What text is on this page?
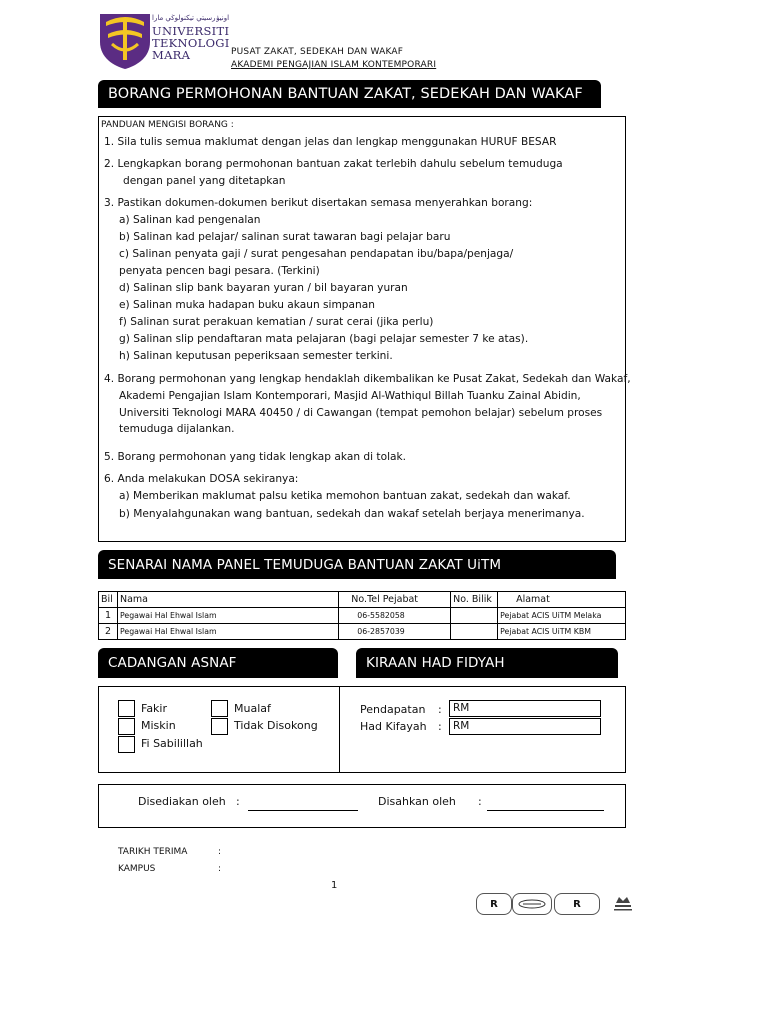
اونيۏرسيتي تيكنولوڬي مارا
UNIVERSITI
TEKNOLOGI
MARA	PUSAT ZAKAT, SEDEKAH DAN WAKAF
AKADEMI PENGAJIAN ISLAM KONTEMPORARI
BORANG PERMOHONAN BANTUAN ZAKAT, SEDEKAH DAN WAKAF
PANDUAN MENGISI BORANG :
1. Sila tulis semua maklumat dengan jelas dan lengkap menggunakan HURUF BESAR
2. Lengkapkan borang permohonan bantuan zakat terlebih dahulu sebelum temuduga
dengan panel yang ditetapkan
3. Pastikan dokumen-dokumen berikut disertakan semasa menyerahkan borang:
a) Salinan kad pengenalan
b) Salinan kad pelajar/ salinan surat tawaran bagi pelajar baru
c) Salinan penyata gaji / surat pengesahan pendapatan ibu/bapa/penjaga/
penyata pencen bagi pesara. (Terkini)
d) Salinan slip bank bayaran yuran / bil bayaran yuran
e) Salinan muka hadapan buku akaun simpanan
f) Salinan surat perakuan kematian / surat cerai (jika perlu)
g) Salinan slip pendaftaran mata pelajaran (bagi pelajar semester 7 ke atas).
h) Salinan keputusan peperiksaan semester terkini.
4. Borang permohonan yang lengkap hendaklah dikembalikan ke Pusat Zakat, Sedekah dan Wakaf,
Akademi Pengajian Islam Kontemporari, Masjid Al-Wathiqul Billah Tuanku Zainal Abidin,
Universiti Teknologi MARA 40450 / di Cawangan (tempat pemohon belajar) sebelum proses
temuduga dijalankan.
5. Borang permohonan yang tidak lengkap akan di tolak.
6. Anda melakukan DOSA sekiranya:
a) Memberikan maklumat palsu ketika memohon bantuan zakat, sedekah dan wakaf.
b) Menyalahgunakan wang bantuan, sedekah dan wakaf setelah berjaya menerimanya.
SENARAI NAMA PANEL TEMUDUGA BANTUAN ZAKAT UiTM
Bil	Nama	No.Tel Pejabat	No. Bilik	Alamat
1	Pegawai Hal Ehwal Islam	06-5582058		Pejabat ACIS UiTM Melaka
2	Pegawai Hal Ehwal Islam	06-2857039		Pejabat ACIS UiTM KBM
CADANGAN ASNAF	KIRAAN HAD FIDYAH
Fakir
Miskin
Fi Sabilillah
Mualaf
Tidak Disokong
Pendapatan :	RM
Had Kifayah :	RM
Disediakan oleh :	Disahkan oleh :
TARIKH TERIMA	:
KAMPUS	:
1
R	R
